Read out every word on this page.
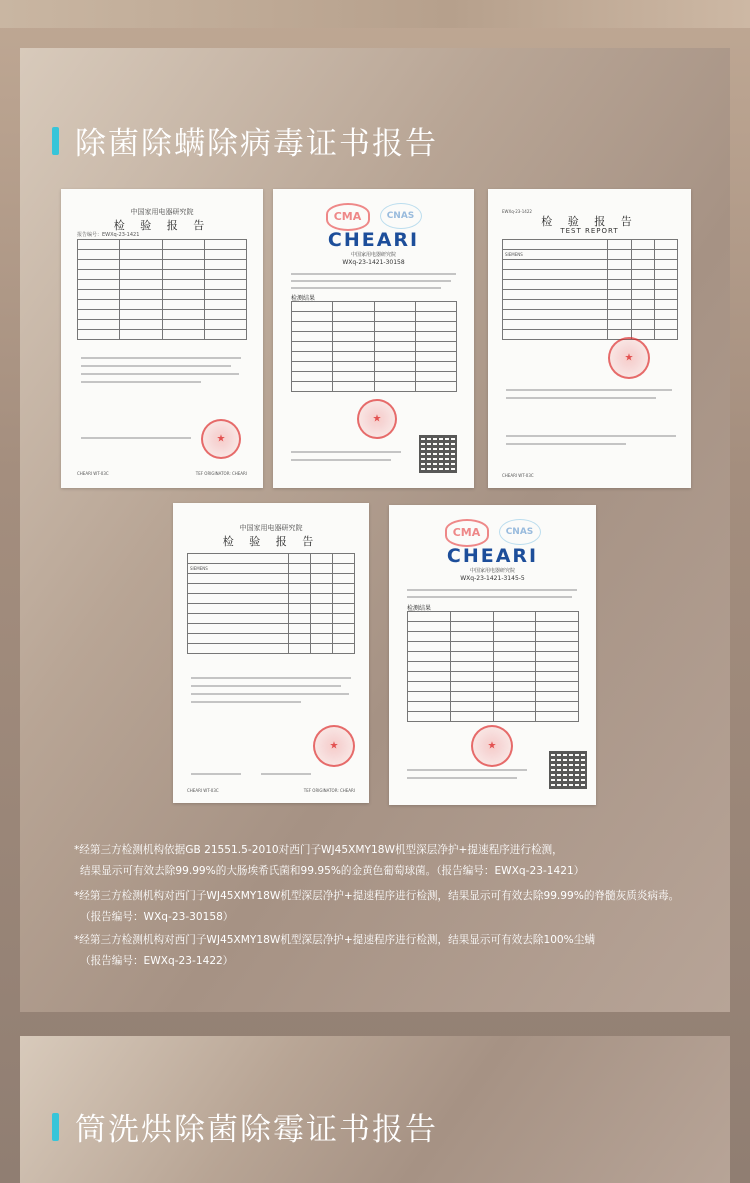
除菌除螨除病毒证书报告
中国家用电器研究院
检 验 报 告
报告编号：EWXq-23-1421

★
CHEARI WT-03C	TEF ORIGINATOR: CHEARI
CMA	CNAS
CHEARI
中国家用电器研究院
WXq-23-1421-30158
检测结果

★
检 验 报 告
TEST REPORT
EWXq-23-1422

SIEMENS			

★
CHEARI WT-03C
中国家用电器研究院
检 验 报 告

SIEMENS			

★
CHEARI WT-03C	TEF ORIGINATOR: CHEARI
CMA	CNAS
CHEARI
中国家用电器研究院
WXq-23-1421-3145-5
检测结果

★
*经第三方检测机构依据GB 21551.5-2010对西门子WJ45XMY18W机型深层净护+提速程序进行检测，
结果显示可有效去除99.99%的大肠埃希氏菌和99.95%的金黄色葡萄球菌。（报告编号：EWXq-23-1421）
*经第三方检测机构对西门子WJ45XMY18W机型深层净护+提速程序进行检测，结果显示可有效去除99.99%的脊髓灰质炎病毒。
（报告编号：WXq-23-30158）
*经第三方检测机构对西门子WJ45XMY18W机型深层净护+提速程序进行检测，结果显示可有效去除100%尘螨
（报告编号：EWXq-23-1422）
筒洗烘除菌除霉证书报告
